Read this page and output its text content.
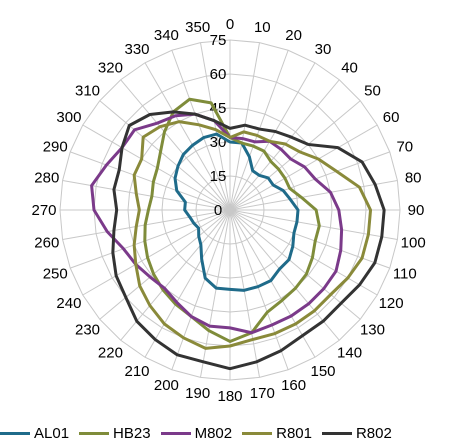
0 10 20
30
40
50
60
70
80
90
100
110
120
130
140
150
160
170
180
190
200
210
220
230
240
250
260
270
280
290
300
310
320
330
340 350
0
15
30
45
60
75
AL01	HB23	M802	R801	R802
